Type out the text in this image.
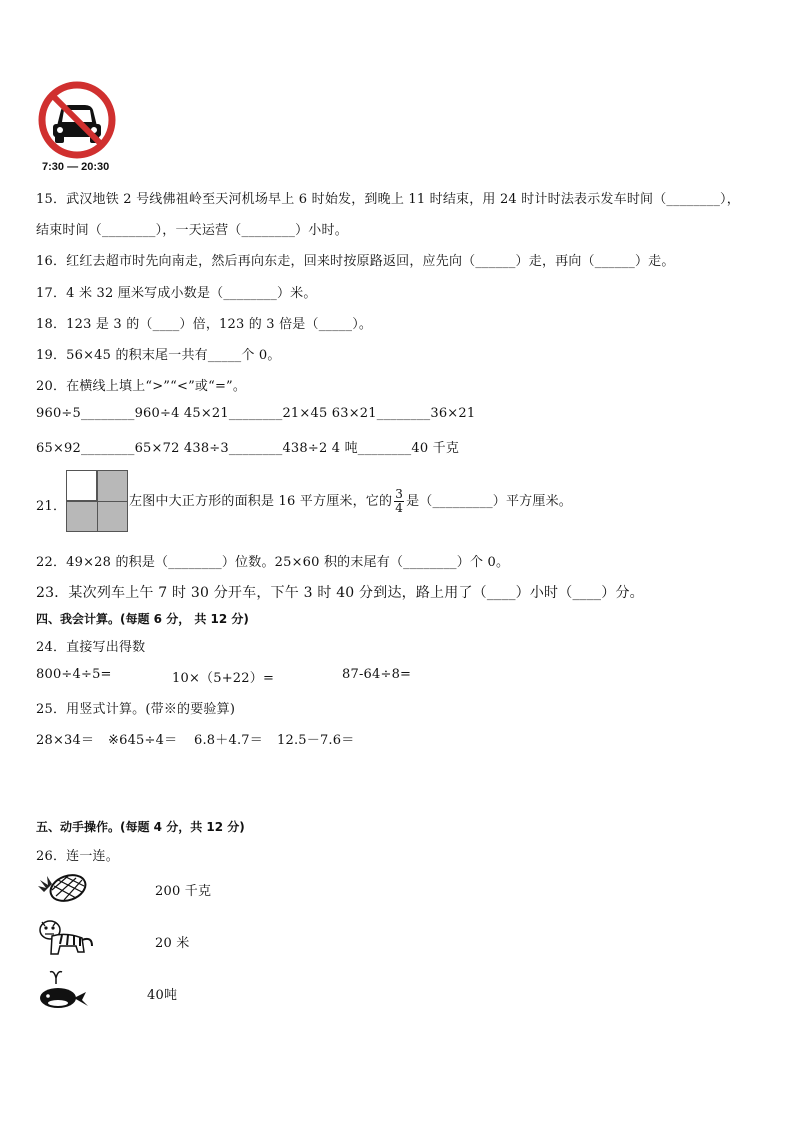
7:30 — 20:30
15．武汉地铁 2 号线佛祖岭至天河机场早上 6 时始发，到晚上 11 时结束，用 24 时计时法表示发车时间（________），
结束时间（________），一天运营（________）小时。
16．红红去超市时先向南走，然后再向东走，回来时按原路返回，应先向（______）走，再向（______）走。
17．4 米 32 厘米写成小数是（________）米。
18．123 是 3 的（____）倍，123 的 3 倍是（_____）。
19．56×45 的积末尾一共有_____个 0。
20．在横线上填上“>”“<”或“=”。
960÷5________960÷4 45×21________21×45 63×21________36×21
65×92________65×72 438÷3________438÷2 4 吨________40 千克
21．	左图中大正方形的面积是 16 平方厘米，它的 $\frac{3}{4}$ 是（_________）平方厘米。
22．49×28 的积是（________）位数。25×60 积的末尾有（________）个 0。
23．某次列车上午 7 时 30 分开车，下午 3 时 40 分到达，路上用了（____）小时（____）分。
四、我会计算。(每题 6 分， 共 12 分)
24．直接写出得数
800÷4÷5=	10×（5+22）=	87-64÷8=
25．用竖式计算。(带※的要验算)
28×34＝ ※645÷4＝ 6.8＋4.7＝ 12.5－7.6＝
五、动手操作。(每题 4 分，共 12 分)
26．连一连。
200 千克
20 米
40吨
